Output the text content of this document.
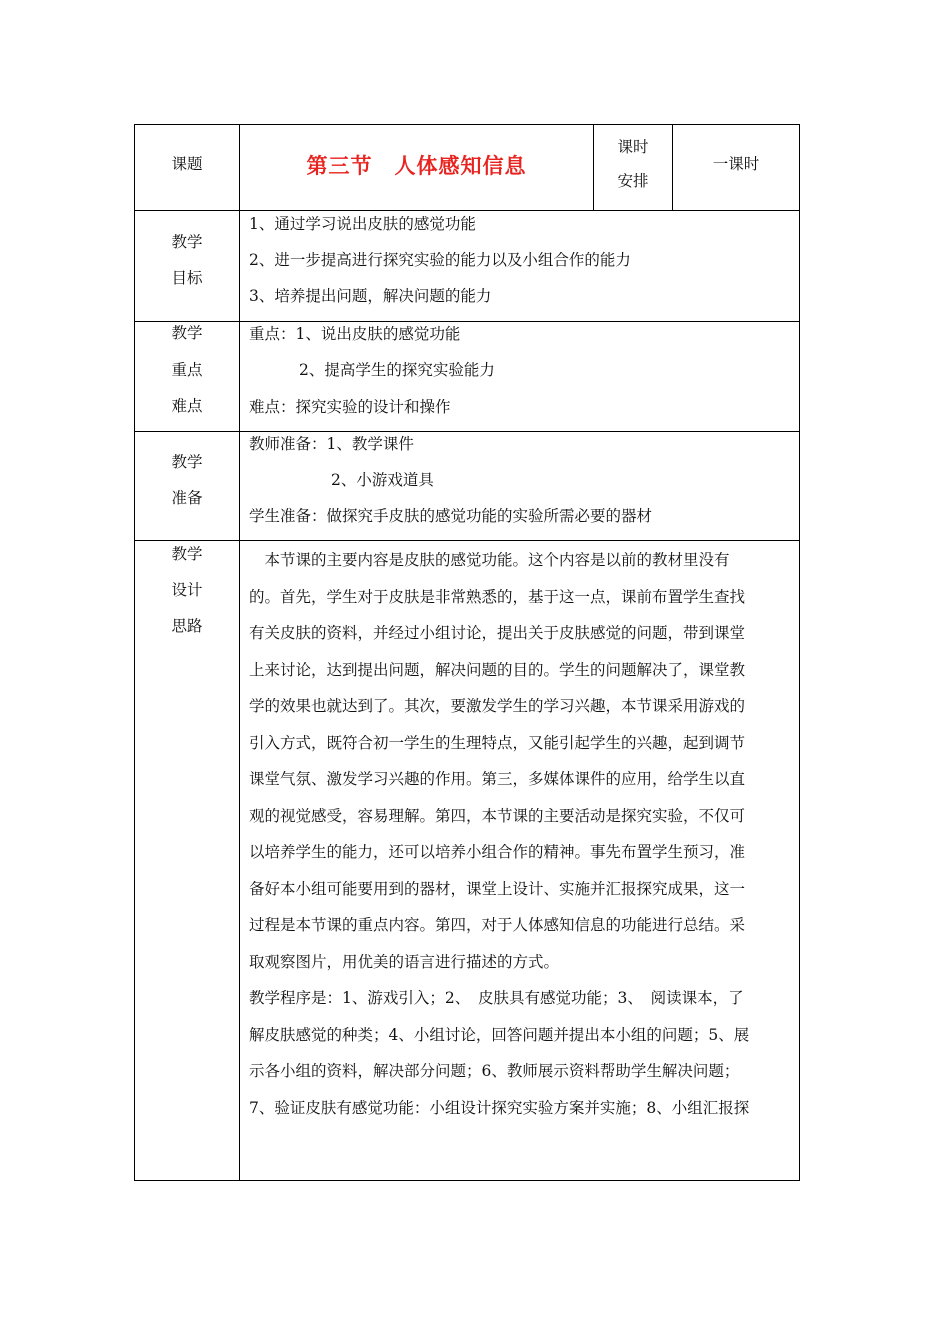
课题	第三节　人体感知信息
课时
安排
一课时
教学
目标
1、通过学习说出皮肤的感觉功能
2、进一步提高进行探究实验的能力以及小组合作的能力
3、培养提出问题，解决问题的能力
教学
重点
难点
重点：1、说出皮肤的感觉功能
2、提高学生的探究实验能力
难点：探究实验的设计和操作
教学
准备
教师准备：1、教学课件
2、小游戏道具
学生准备：做探究手皮肤的感觉功能的实验所需必要的器材
教学
设计
思路
　本节课的主要内容是皮肤的感觉功能。这个内容是以前的教材里没有
的。首先，学生对于皮肤是非常熟悉的，基于这一点，课前布置学生查找
有关皮肤的资料，并经过小组讨论，提出关于皮肤感觉的问题，带到课堂
上来讨论，达到提出问题，解决问题的目的。学生的问题解决了，课堂教
学的效果也就达到了。其次，要激发学生的学习兴趣，本节课采用游戏的
引入方式，既符合初一学生的生理特点，又能引起学生的兴趣，起到调节
课堂气氛、激发学习兴趣的作用。第三，多媒体课件的应用，给学生以直
观的视觉感受，容易理解。第四，本节课的主要活动是探究实验，不仅可
以培养学生的能力，还可以培养小组合作的精神。事先布置学生预习，准
备好本小组可能要用到的器材，课堂上设计、实施并汇报探究成果，这一
过程是本节课的重点内容。第四，对于人体感知信息的功能进行总结。采
取观察图片，用优美的语言进行描述的方式。
教学程序是：1、游戏引入；2、　皮肤具有感觉功能；3、　阅读课本，了
解皮肤感觉的种类；4、小组讨论，回答问题并提出本小组的问题；5、展
示各小组的资料，解决部分问题；6、教师展示资料帮助学生解决问题；
7、验证皮肤有感觉功能：小组设计探究实验方案并实施；8、小组汇报探
